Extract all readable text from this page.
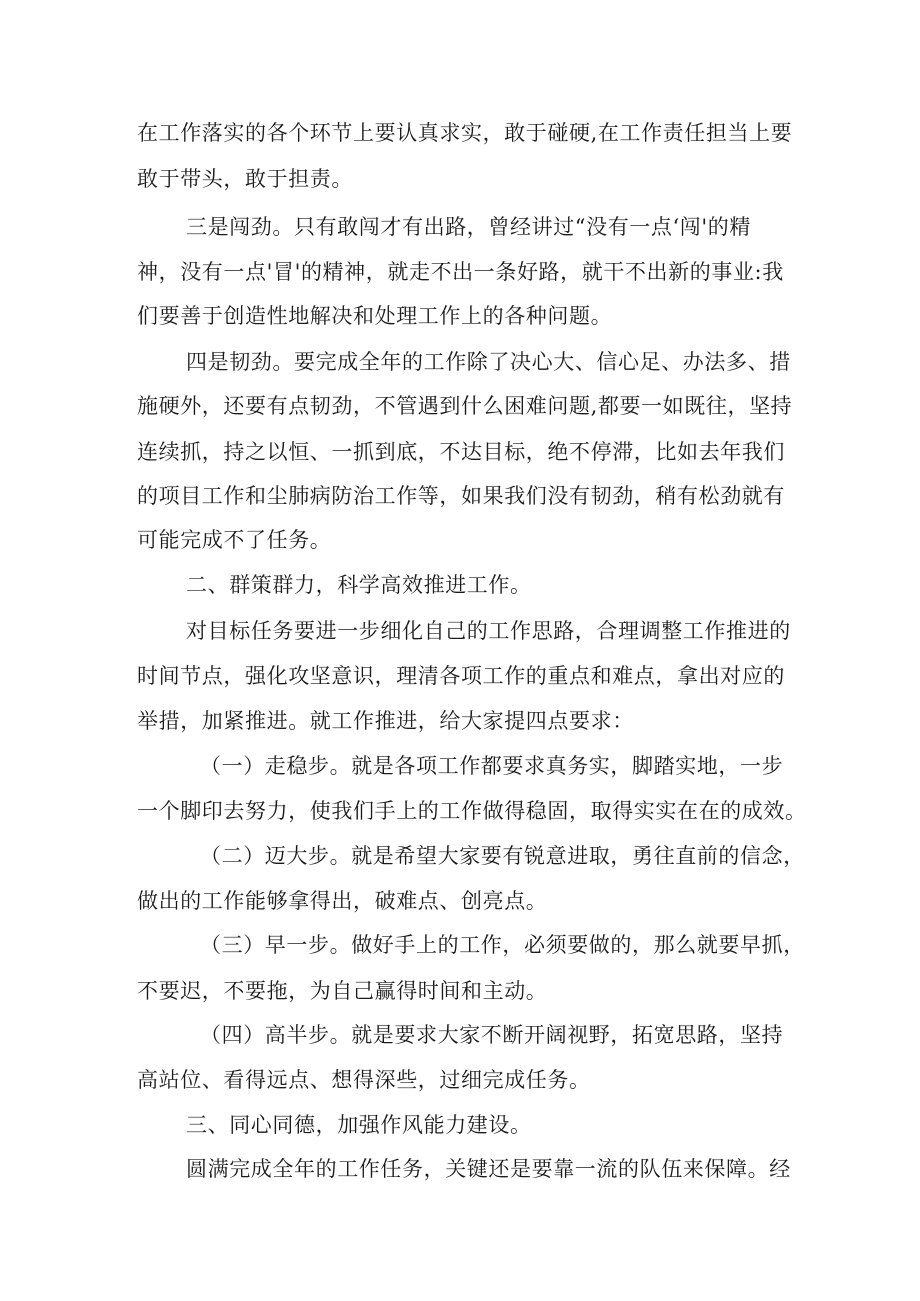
在工作落实的各个环节上要认真求实，敢于碰硬,在工作责任担当上要

敢于带头，敢于担责。

三是闯劲。只有敢闯才有出路，曾经讲过“没有一点‘闯'的精

神，没有一点'冒'的精神，就走不出一条好路，就干不出新的事业:我

们要善于创造性地解决和处理工作上的各种问题。

四是韧劲。要完成全年的工作除了决心大、信心足、办法多、措

施硬外，还要有点韧劲，不管遇到什么困难问题,都要一如既往，坚持

连续抓，持之以恒、一抓到底，不达目标，绝不停滞，比如去年我们

的项目工作和尘肺病防治工作等，如果我们没有韧劲，稍有松劲就有

可能完成不了任务。

二、群策群力，科学高效推进工作。

对目标任务要进一步细化自己的工作思路，合理调整工作推进的

时间节点，强化攻坚意识，理清各项工作的重点和难点，拿出对应的

举措，加紧推进。就工作推进，给大家提四点要求：

（一）走稳步。就是各项工作都要求真务实，脚踏实地，一步

一个脚印去努力，使我们手上的工作做得稳固，取得实实在在的成效。

（二）迈大步。就是希望大家要有锐意进取，勇往直前的信念，

做出的工作能够拿得出，破难点、创亮点。

（三）早一步。做好手上的工作，必须要做的，那么就要早抓，

不要迟，不要拖，为自己赢得时间和主动。

（四）高半步。就是要求大家不断开阔视野，拓宽思路，坚持

高站位、看得远点、想得深些，过细完成任务。

三、同心同德，加强作风能力建设。

圆满完成全年的工作任务，关键还是要靠一流的队伍来保障。经
